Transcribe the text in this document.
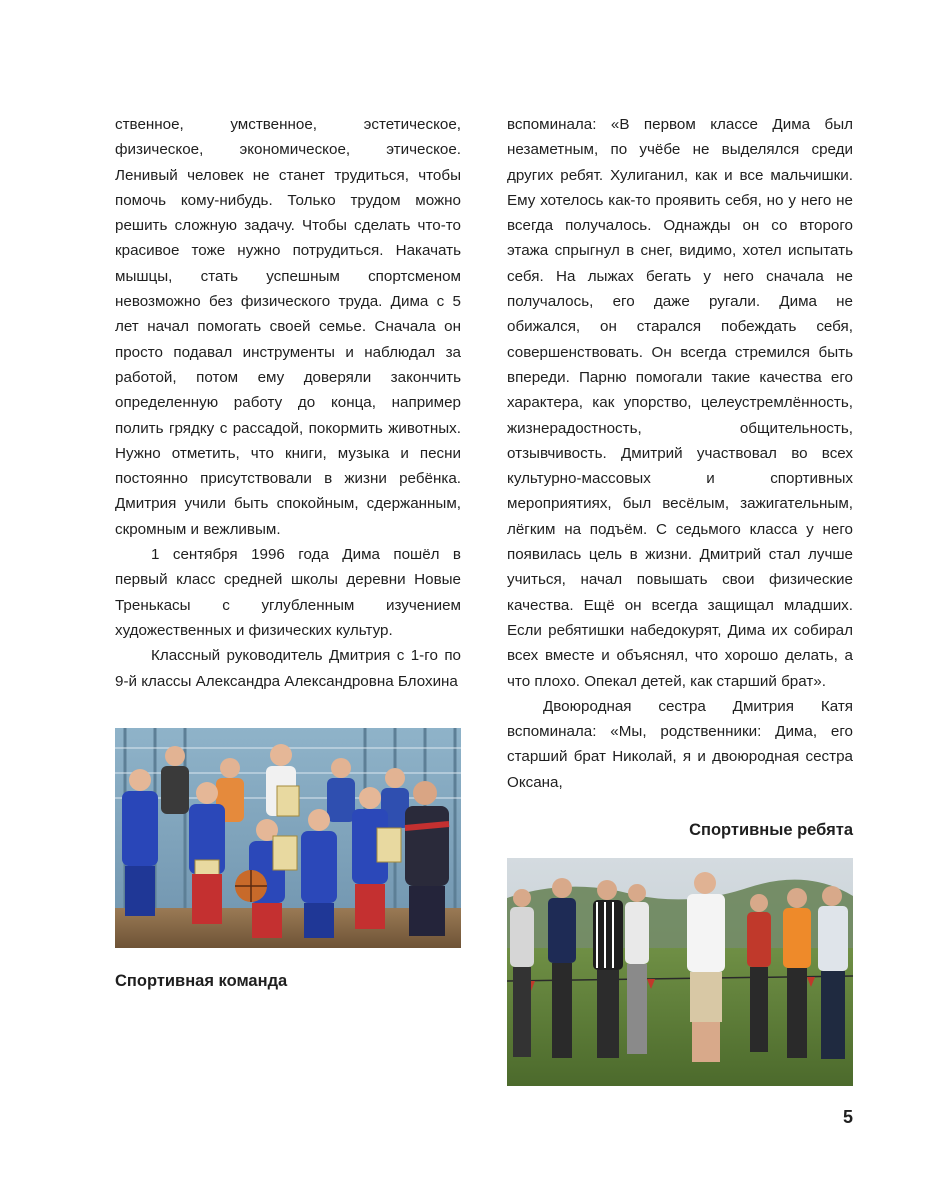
ственное, умственное, эстетическое, физическое, экономическое, этическое. Ленивый человек не станет трудиться, чтобы помочь кому-нибудь. Только трудом можно решить сложную задачу. Чтобы сделать что-то красивое тоже нужно потрудиться. Накачать мышцы, стать успешным спортсменом невозможно без физического труда. Дима с 5 лет начал помогать своей семье. Сначала он просто подавал инструменты и наблюдал за работой, потом ему доверяли закончить определенную работу до конца, например полить грядку с рассадой, покормить животных. Нужно отметить, что книги, музыка и песни постоянно присутствовали в жизни ребёнка. Дмитрия учили быть спокойным, сдержанным, скромным и вежливым.

1 сентября 1996 года Дима пошёл в первый класс средней школы деревни Новые Тренькасы с углубленным изучением художественных и физических культур.

Классный руководитель Дмитрия с 1-го по 9-й классы Александра Александровна Блохина

вспоминала: «В первом классе Дима был незаметным, по учёбе не выделялся среди других ребят. Хулиганил, как и все мальчишки. Ему хотелось как-то проявить себя, но у него не всегда получалось. Однажды он со второго этажа спрыгнул в снег, видимо, хотел испытать себя. На лыжах бегать у него сначала не получалось, его даже ругали. Дима не обижался, он старался побеждать себя, совершенствовать. Он всегда стремился быть впереди. Парню помогали такие качества его характера, как упорство, целеустремлённость, жизнерадостность, общительность, отзывчивость. Дмитрий участвовал во всех культурно-массовых и спортивных мероприятиях, был весёлым, зажигательным, лёгким на подъём. С седьмого класса у него появилась цель в жизни. Дмитрий стал лучше учиться, начал повышать свои физические качества. Ещё он всегда защищал младших. Если ребятишки набедокурят, Дима их собирал всех вместе и объяснял, что хорошо делать, а что плохо. Опекал детей, как старший брат».

Двоюродная сестра Дмитрия Катя вспоминала: «Мы, родственники: Дима, его старший брат Николай, я и двоюродная сестра Оксана,

Спортивная команда
Спортивные ребята
5
